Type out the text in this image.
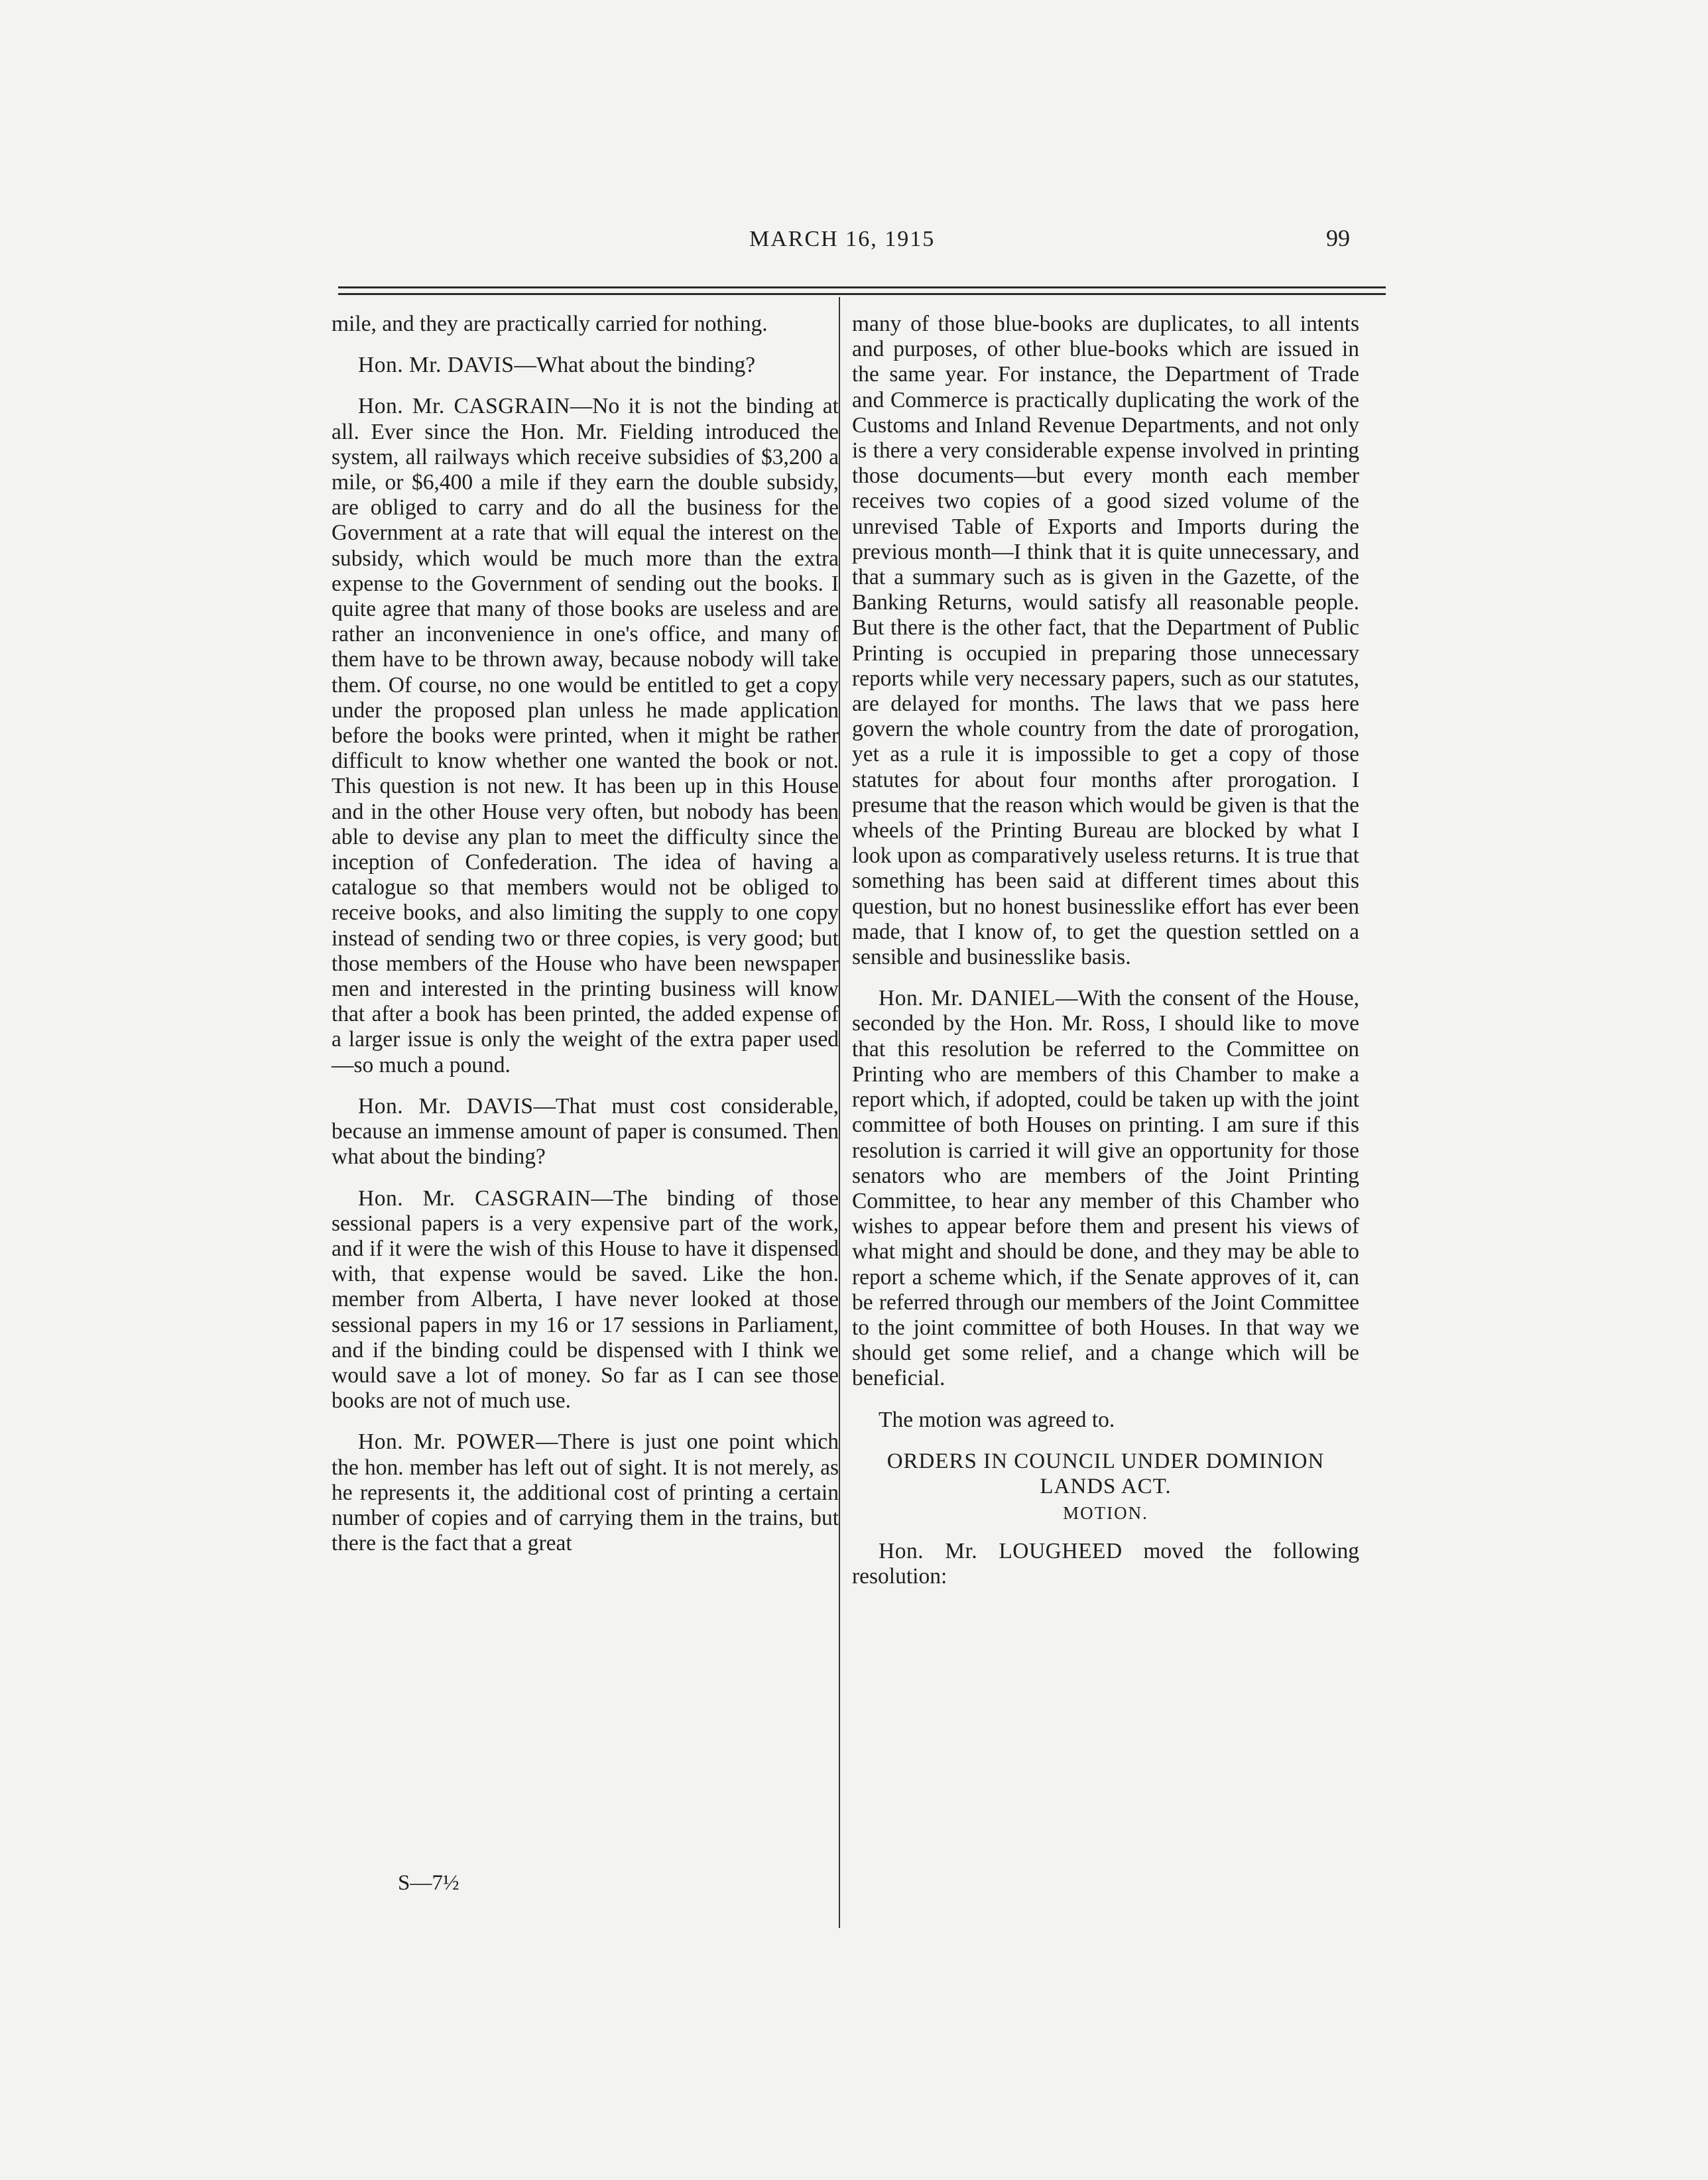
MARCH 16, 1915	99

mile, and they are practically carried for nothing.

Hon. Mr. DAVIS—What about the binding?

Hon. Mr. CASGRAIN—No it is not the binding at all. Ever since the Hon. Mr. Fielding introduced the system, all railways which receive subsidies of $3,200 a mile, or $6,400 a mile if they earn the double subsidy, are obliged to carry and do all the business for the Government at a rate that will equal the interest on the subsidy, which would be much more than the extra expense to the Government of sending out the books. I quite agree that many of those books are useless and are rather an inconvenience in one's office, and many of them have to be thrown away, because nobody will take them. Of course, no one would be entitled to get a copy under the proposed plan unless he made application before the books were printed, when it might be rather difficult to know whether one wanted the book or not. This question is not new. It has been up in this House and in the other House very often, but nobody has been able to devise any plan to meet the difficulty since the inception of Confederation. The idea of having a catalogue so that members would not be obliged to receive books, and also limiting the supply to one copy instead of sending two or three copies, is very good; but those members of the House who have been newspaper men and interested in the printing business will know that after a book has been printed, the added expense of a larger issue is only the weight of the extra paper used—so much a pound.

Hon. Mr. DAVIS—That must cost considerable, because an immense amount of paper is consumed. Then what about the binding?

Hon. Mr. CASGRAIN—The binding of those sessional papers is a very expensive part of the work, and if it were the wish of this House to have it dispensed with, that expense would be saved. Like the hon. member from Alberta, I have never looked at those sessional papers in my 16 or 17 sessions in Parliament, and if the binding could be dispensed with I think we would save a lot of money. So far as I can see those books are not of much use.

Hon. Mr. POWER—There is just one point which the hon. member has left out of sight. It is not merely, as he represents it, the additional cost of printing a certain number of copies and of carrying them in the trains, but there is the fact that a great

many of those blue-books are duplicates, to all intents and purposes, of other blue-books which are issued in the same year. For instance, the Department of Trade and Commerce is practically duplicating the work of the Customs and Inland Revenue Departments, and not only is there a very considerable expense involved in printing those documents—but every month each member receives two copies of a good sized volume of the unrevised Table of Exports and Imports during the previous month—I think that it is quite unnecessary, and that a summary such as is given in the Gazette, of the Banking Returns, would satisfy all reasonable people. But there is the other fact, that the Department of Public Printing is occupied in preparing those unnecessary reports while very necessary papers, such as our statutes, are delayed for months. The laws that we pass here govern the whole country from the date of prorogation, yet as a rule it is impossible to get a copy of those statutes for about four months after prorogation. I presume that the reason which would be given is that the wheels of the Printing Bureau are blocked by what I look upon as comparatively useless returns. It is true that something has been said at different times about this question, but no honest businesslike effort has ever been made, that I know of, to get the question settled on a sensible and businesslike basis.

Hon. Mr. DANIEL—With the consent of the House, seconded by the Hon. Mr. Ross, I should like to move that this resolution be referred to the Committee on Printing who are members of this Chamber to make a report which, if adopted, could be taken up with the joint committee of both Houses on printing. I am sure if this resolution is carried it will give an opportunity for those senators who are members of the Joint Printing Committee, to hear any member of this Chamber who wishes to appear before them and present his views of what might and should be done, and they may be able to report a scheme which, if the Senate approves of it, can be referred through our members of the Joint Committee to the joint committee of both Houses. In that way we should get some relief, and a change which will be beneficial.

The motion was agreed to.

ORDERS IN COUNCIL UNDER DOMINION LANDS ACT.
MOTION.

Hon. Mr. LOUGHEED moved the following resolution:

S—7½
